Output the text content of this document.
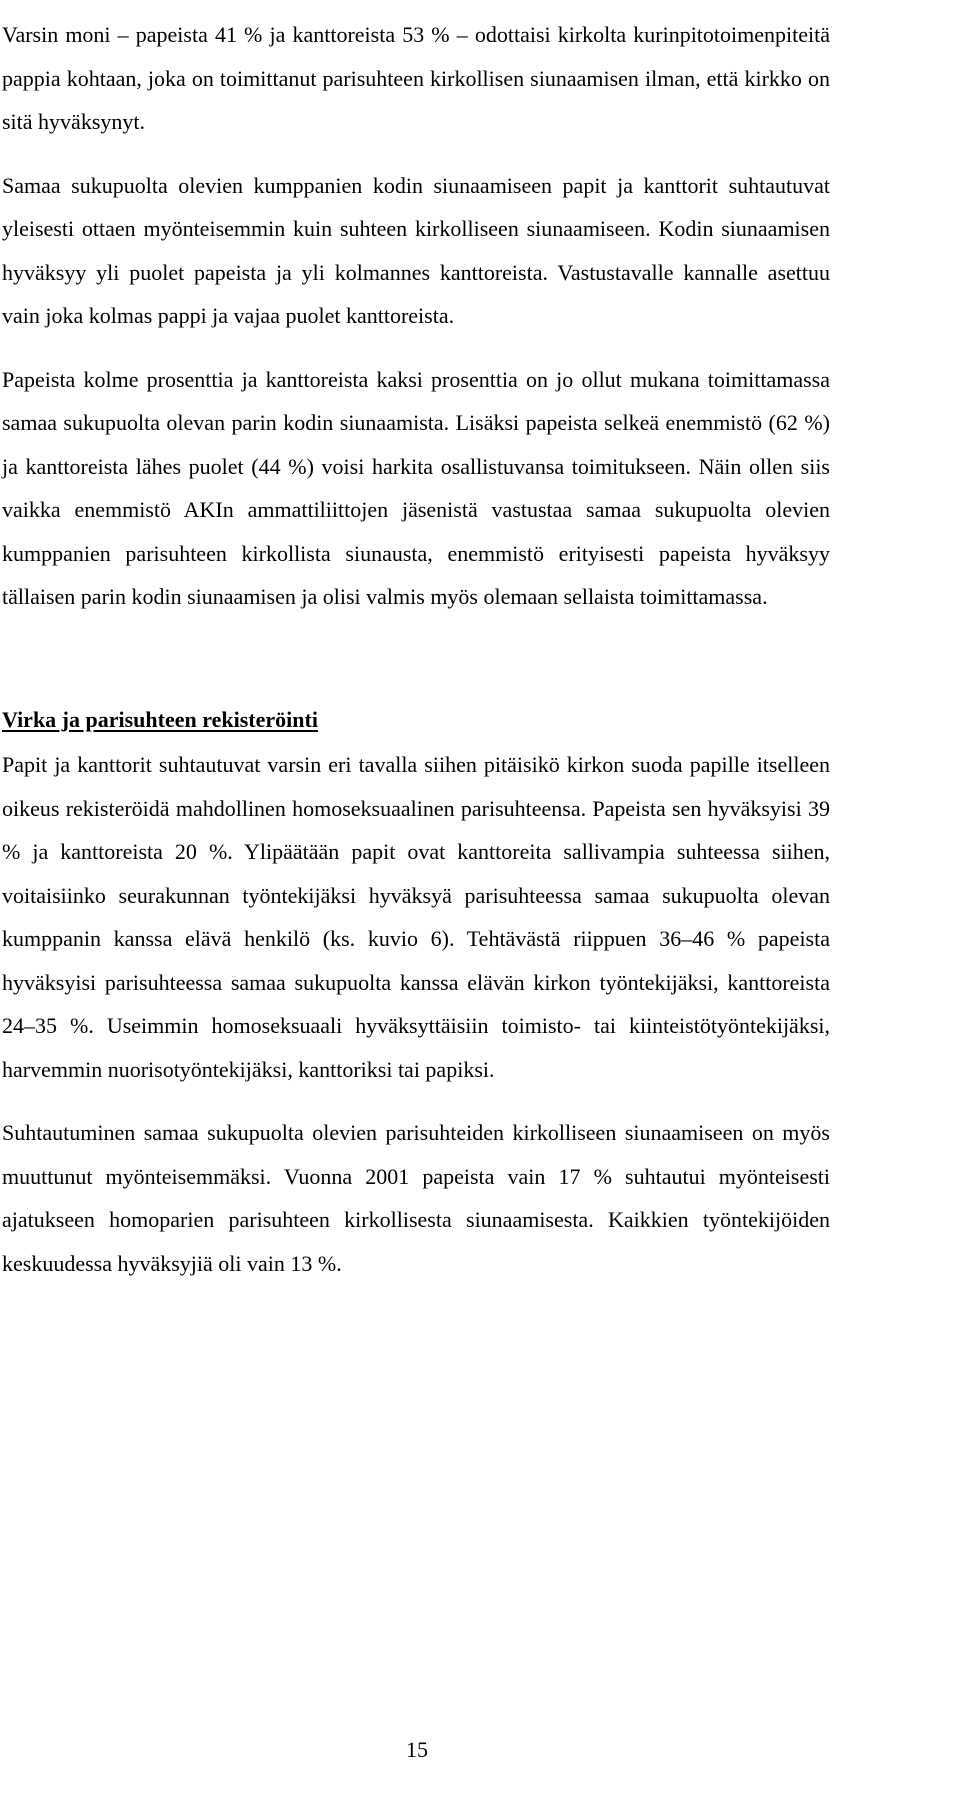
Varsin moni – papeista 41 % ja kanttoreista 53 % – odottaisi kirkolta kurinpitotoimenpiteitä pappia kohtaan, joka on toimittanut parisuhteen kirkollisen siunaamisen ilman, että kirkko on sitä hyväksynyt.

Samaa sukupuolta olevien kumppanien kodin siunaamiseen papit ja kanttorit suhtautuvat yleisesti ottaen myönteisemmin kuin suhteen kirkolliseen siunaamiseen. Kodin siunaamisen hyväksyy yli puolet papeista ja yli kolmannes kanttoreista. Vastustavalle kannalle asettuu vain joka kolmas pappi ja vajaa puolet kanttoreista.

Papeista kolme prosenttia ja kanttoreista kaksi prosenttia on jo ollut mukana toimittamassa samaa sukupuolta olevan parin kodin siunaamista. Lisäksi papeista selkeä enemmistö (62 %) ja kanttoreista lähes puolet (44 %) voisi harkita osallistuvansa toimitukseen. Näin ollen siis vaikka enemmistö AKIn ammattiliittojen jäsenistä vastustaa samaa sukupuolta olevien kumppanien parisuhteen kirkollista siunausta, enemmistö erityisesti papeista hyväksyy tällaisen parin kodin siunaamisen ja olisi valmis myös olemaan sellaista toimittamassa.

Virka ja parisuhteen rekisteröinti

Papit ja kanttorit suhtautuvat varsin eri tavalla siihen pitäisikö kirkon suoda papille itselleen oikeus rekisteröidä mahdollinen homoseksuaalinen parisuhteensa. Papeista sen hyväksyisi 39 % ja kanttoreista 20 %. Ylipäätään papit ovat kanttoreita sallivampia suhteessa siihen, voitaisiinko seurakunnan työntekijäksi hyväksyä parisuhteessa samaa sukupuolta olevan kumppanin kanssa elävä henkilö (ks. kuvio 6). Tehtävästä riippuen 36–46 % papeista hyväksyisi parisuhteessa samaa sukupuolta kanssa elävän kirkon työntekijäksi, kanttoreista 24–35 %. Useimmin homoseksuaali hyväksyttäisiin toimisto- tai kiinteistötyöntekijäksi, harvemmin nuorisotyöntekijäksi, kanttoriksi tai papiksi.

Suhtautuminen samaa sukupuolta olevien parisuhteiden kirkolliseen siunaamiseen on myös muuttunut myönteisemmäksi. Vuonna 2001 papeista vain 17 % suhtautui myönteisesti ajatukseen homoparien parisuhteen kirkollisesta siunaamisesta. Kaikkien työntekijöiden keskuudessa hyväksyjiä oli vain 13 %.

15
